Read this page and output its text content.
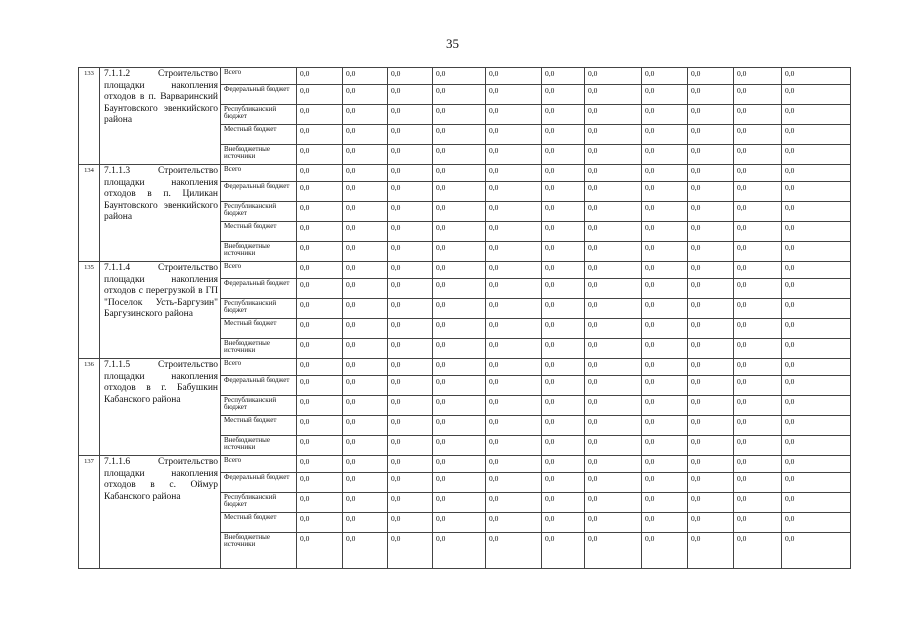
35
133	7.1.1.2 Строительство площадки накопления отходов в п. Варваринский Баунтовского эвенкийского района	Всего	0,0	0,0	0,0	0,0	0,0	0,0	0,0	0,0	0,0	0,0	0,0
		Федеральный бюджет	0,0	0,0	0,0	0,0	0,0	0,0	0,0	0,0	0,0	0,0	0,0
		Республиканский бюджет	0,0	0,0	0,0	0,0	0,0	0,0	0,0	0,0	0,0	0,0	0,0
		Местный бюджет	0,0	0,0	0,0	0,0	0,0	0,0	0,0	0,0	0,0	0,0	0,0
		Внебюджетные источники	0,0	0,0	0,0	0,0	0,0	0,0	0,0	0,0	0,0	0,0	0,0
134	7.1.1.3 Строительство площадки накопления отходов в п. Циликан Баунтовского эвенкийского района	Всего	0,0	0,0	0,0	0,0	0,0	0,0	0,0	0,0	0,0	0,0	0,0
		Федеральный бюджет	0,0	0,0	0,0	0,0	0,0	0,0	0,0	0,0	0,0	0,0	0,0
		Республиканский бюджет	0,0	0,0	0,0	0,0	0,0	0,0	0,0	0,0	0,0	0,0	0,0
		Местный бюджет	0,0	0,0	0,0	0,0	0,0	0,0	0,0	0,0	0,0	0,0	0,0
		Внебюджетные источники	0,0	0,0	0,0	0,0	0,0	0,0	0,0	0,0	0,0	0,0	0,0
135	7.1.1.4 Строительство площадки накопления отходов с перегрузкой в ГП "Поселок Усть-Баргузин" Баргузинского района	Всего	0,0	0,0	0,0	0,0	0,0	0,0	0,0	0,0	0,0	0,0	0,0
		Федеральный бюджет	0,0	0,0	0,0	0,0	0,0	0,0	0,0	0,0	0,0	0,0	0,0
		Республиканский бюджет	0,0	0,0	0,0	0,0	0,0	0,0	0,0	0,0	0,0	0,0	0,0
		Местный бюджет	0,0	0,0	0,0	0,0	0,0	0,0	0,0	0,0	0,0	0,0	0,0
		Внебюджетные источники	0,0	0,0	0,0	0,0	0,0	0,0	0,0	0,0	0,0	0,0	0,0
136	7.1.1.5 Строительство площадки накопления отходов в г. Бабушкин Кабанского района	Всего	0,0	0,0	0,0	0,0	0,0	0,0	0,0	0,0	0,0	0,0	0,0
		Федеральный бюджет	0,0	0,0	0,0	0,0	0,0	0,0	0,0	0,0	0,0	0,0	0,0
		Республиканский бюджет	0,0	0,0	0,0	0,0	0,0	0,0	0,0	0,0	0,0	0,0	0,0
		Местный бюджет	0,0	0,0	0,0	0,0	0,0	0,0	0,0	0,0	0,0	0,0	0,0
		Внебюджетные источники	0,0	0,0	0,0	0,0	0,0	0,0	0,0	0,0	0,0	0,0	0,0
137	7.1.1.6 Строительство площадки накопления отходов в с. Оймур Кабанского района	Всего	0,0	0,0	0,0	0,0	0,0	0,0	0,0	0,0	0,0	0,0	0,0
		Федеральный бюджет	0,0	0,0	0,0	0,0	0,0	0,0	0,0	0,0	0,0	0,0	0,0
		Республиканский бюджет	0,0	0,0	0,0	0,0	0,0	0,0	0,0	0,0	0,0	0,0	0,0
		Местный бюджет	0,0	0,0	0,0	0,0	0,0	0,0	0,0	0,0	0,0	0,0	0,0
		Внебюджетные источники	0,0	0,0	0,0	0,0	0,0	0,0	0,0	0,0	0,0	0,0	0,0
